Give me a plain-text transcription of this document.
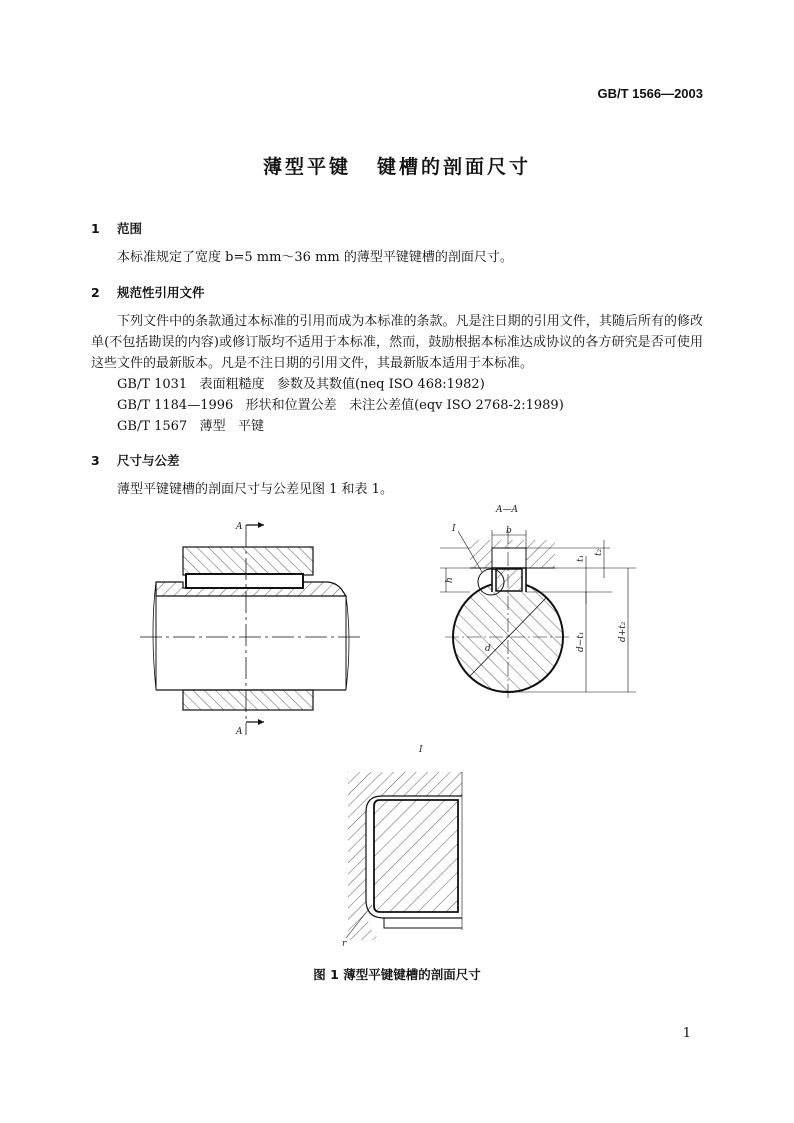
GB/T 1566—2003
薄型平键 键槽的剖面尺寸
1 范围
本标准规定了宽度 b=5 mm～36 mm 的薄型平键键槽的剖面尺寸。
2 规范性引用文件
下列文件中的条款通过本标准的引用而成为本标准的条款。凡是注日期的引用文件，其随后所有的修改单(不包括勘误的内容)或修订版均不适用于本标准，然而，鼓励根据本标准达成协议的各方研究是否可使用这些文件的最新版本。凡是不注日期的引用文件，其最新版本适用于本标准。
GB/T 1031   表面粗糙度   参数及其数值(neq ISO 468:1982)
GB/T 1184—1996   形状和位置公差   未注公差值(eqv ISO 2768-2:1989)
GB/T 1567   薄型   平键
3 尺寸与公差
薄型平键键槽的剖面尺寸与公差见图 1 和表 1。
A
A
A—A
I	b
t₁
t₂
h
d	d−t₁	d+t₂
I
r
图 1 薄型平键键槽的剖面尺寸
1
